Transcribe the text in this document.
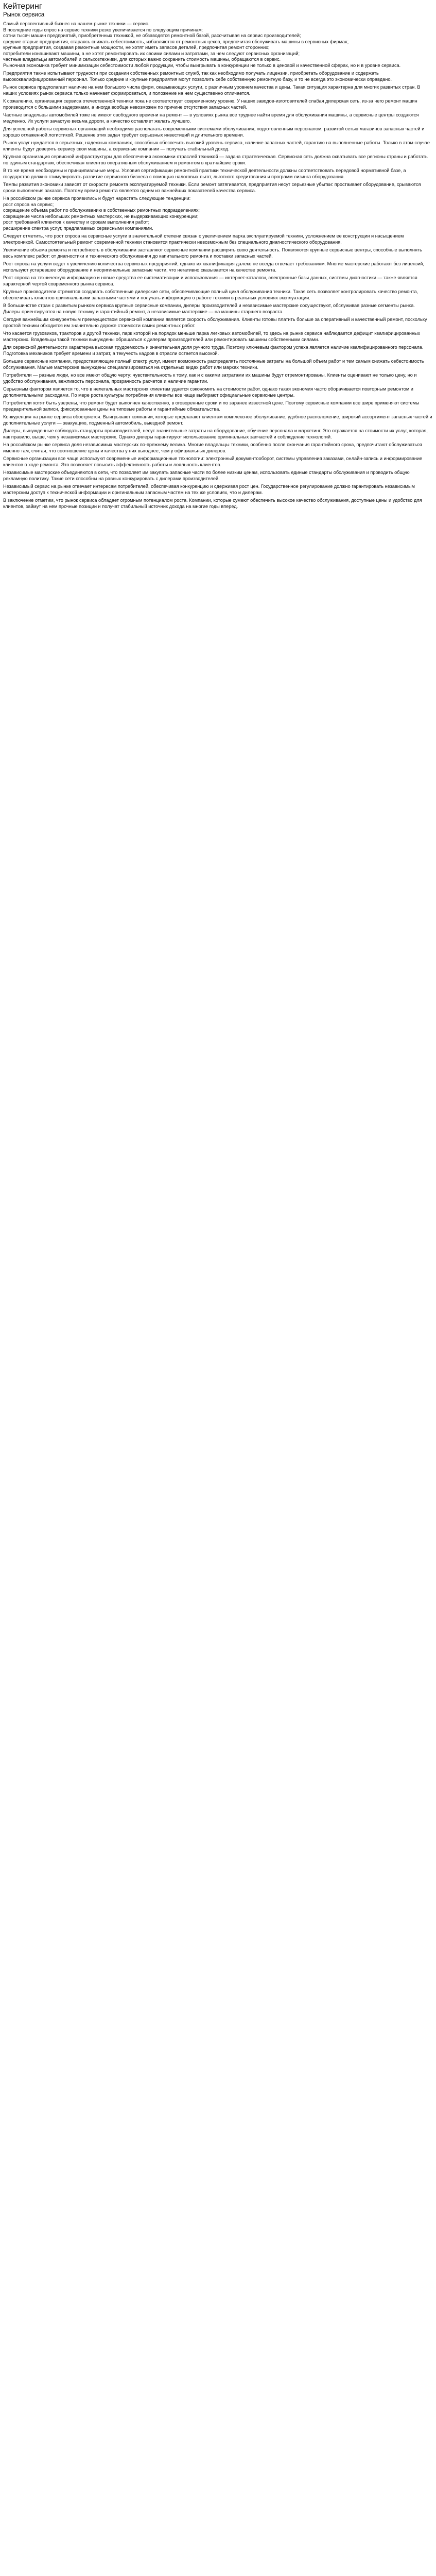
Кейтеринг
Рынок сервиса

Самый перспективный бизнес на нашем рынке техники — сервис.
В последние годы спрос на сервис техники резко увеличивается по следующим причинам:
сотни тысяч машин предприятий, приобретенных техникой, не обзаводятся ремонтной базой, рассчитывая на сервис производителей;
средние старые предприятия, стараясь снижать себестоимость, избавляются от ремонтных цехов, предпочитая обслуживать машины в сервисных фирмах;
крупные предприятия, создавая ремонтные мощности, не хотят иметь запасов деталей, предпочитая ремонт сторонних;
потребители изнашивают машины, а не хотят ремонтировать их своими силами и затратами, за чем следуют сервисных организаций;
частные владельцы автомобилей и сельхозтехники, для которых важно сохранить стоимость машины, обращаются в сервис.
Рыночная экономика требует минимизации себестоимости любой продукции, чтобы выигрывать в конкуренции не только в ценовой и качественной сферах, но и в уровне сервиса.

Предприятия также испытывают трудности при создании собственных ремонтных служб, так как необходимо получать лицензии, приобретать оборудование и содержать высококвалифицированный персонал. Только средние и крупные предприятия могут позволить себе собственную ремонтную базу, и то не всегда это экономически оправдано.

Рынок сервиса предполагает наличие на нем большого числа фирм, оказывающих услуги, с различным уровнем качества и цены. Такая ситуация характерна для многих развитых стран. В наших условиях рынок сервиса только начинает формироваться, и положение на нем существенно отличается.

К сожалению, организация сервиса отечественной техники пока не соответствует современному уровню. У наших заводов-изготовителей слабая дилерская сеть, из-за чего ремонт машин производится с большими задержками, а иногда вообще невозможен по причине отсутствия запасных частей.

Частные владельцы автомобилей тоже не имеют свободного времени на ремонт — в условиях рынка все труднее найти время для обслуживания машины, а сервисные центры создаются медленно. Их услуги зачастую весьма дороги, а качество оставляет желать лучшего.

Для успешной работы сервисных организаций необходимо располагать современными системами обслуживания, подготовленным персоналом, развитой сетью магазинов запасных частей и хорошо отлаженной логистикой. Решение этих задач требует серьезных инвестиций и длительного времени.

Рынок услуг нуждается в серьезных, надежных компаниях, способных обеспечить высокий уровень сервиса, наличие запасных частей, гарантию на выполненные работы. Только в этом случае клиенты будут доверять сервису свои машины, а сервисные компании — получать стабильный доход.

Крупная организация сервисной инфраструктуры для обеспечения экономики отраслей техникой — задача стратегическая. Сервисная сеть должна охватывать все регионы страны и работать по единым стандартам, обеспечивая клиентов оперативным обслуживанием и ремонтом в кратчайшие сроки.

В то же время необходимы и принципиальные меры. Условия сертификации ремонтной практики технической деятельности должны соответствовать передовой нормативной базе, а государство должно стимулировать развитие сервисного бизнеса с помощью налоговых льгот, льготного кредитования и программ лизинга оборудования.

Темпы развития экономики зависят от скорости ремонта эксплуатируемой техники. Если ремонт затягивается, предприятия несут серьезные убытки: простаивает оборудование, срываются сроки выполнения заказов. Поэтому время ремонта является одним из важнейших показателей качества сервиса.

На российском рынке сервиса проявились и будут нарастать следующие тенденции:
рост спроса на сервис;
сокращение объема работ по обслуживанию в собственных ремонтных подразделениях;
сокращение числа небольших ремонтных мастерских, не выдерживающих конкуренции;
рост требований клиентов к качеству и срокам выполнения работ;
расширение спектра услуг, предлагаемых сервисными компаниями.

Следует отметить, что рост спроса на сервисные услуги в значительной степени связан с увеличением парка эксплуатируемой техники, усложнением ее конструкции и насыщением электроникой. Самостоятельный ремонт современной техники становится практически невозможным без специального диагностического оборудования.

Увеличение объема ремонта и потребность в обслуживании заставляют сервисные компании расширять свою деятельность. Появляются крупные сервисные центры, способные выполнять весь комплекс работ: от диагностики и технического обслуживания до капитального ремонта и поставки запасных частей.

Рост спроса на услуги ведет к увеличению количества сервисных предприятий, однако их квалификация далеко не всегда отвечает требованиям. Многие мастерские работают без лицензий, используют устаревшее оборудование и неоригинальные запасные части, что негативно сказывается на качестве ремонта.

Рост спроса на техническую информацию и новые средства ее систематизации и использования — интернет-каталоги, электронные базы данных, системы диагностики — также является характерной чертой современного рынка сервиса.

Крупные производители стремятся создавать собственные дилерские сети, обеспечивающие полный цикл обслуживания техники. Такая сеть позволяет контролировать качество ремонта, обеспечивать клиентов оригинальными запасными частями и получать информацию о работе техники в реальных условиях эксплуатации.

В большинстве стран с развитым рынком сервиса крупные сервисные компании, дилеры производителей и независимые мастерские сосуществуют, обслуживая разные сегменты рынка. Дилеры ориентируются на новую технику и гарантийный ремонт, а независимые мастерские — на машины старшего возраста.

Сегодня важнейшим конкурентным преимуществом сервисной компании является скорость обслуживания. Клиенты готовы платить больше за оперативный и качественный ремонт, поскольку простой техники обходится им значительно дороже стоимости самих ремонтных работ.

Что касается грузовиков, тракторов и другой техники, парк которой на порядок меньше парка легковых автомобилей, то здесь на рынке сервиса наблюдается дефицит квалифицированных мастерских. Владельцы такой техники вынуждены обращаться к дилерам производителей или ремонтировать машины собственными силами.

Для сервисной деятельности характерна высокая трудоемкость и значительная доля ручного труда. Поэтому ключевым фактором успеха является наличие квалифицированного персонала. Подготовка механиков требует времени и затрат, а текучесть кадров в отрасли остается высокой.

Большие сервисные компании, предоставляющие полный спектр услуг, имеют возможность распределять постоянные затраты на большой объем работ и тем самым снижать себестоимость обслуживания. Малые мастерские вынуждены специализироваться на отдельных видах работ или марках техники.

Потребители — разные люди, но все имеют общую черту: чувствительность к тому, как и с какими затратами их машины будут отремонтированы. Клиенты оценивают не только цену, но и удобство обслуживания, вежливость персонала, прозрачность расчетов и наличие гарантии.

Серьезным фактором является то, что в нелегальных мастерских клиентам удается сэкономить на стоимости работ, однако такая экономия часто оборачивается повторным ремонтом и дополнительными расходами. По мере роста культуры потребления клиенты все чаще выбирают официальные сервисные центры.

Потребители хотят быть уверены, что ремонт будет выполнен качественно, в оговоренные сроки и по заранее известной цене. Поэтому сервисные компании все шире применяют системы предварительной записи, фиксированные цены на типовые работы и гарантийные обязательства.

Конкуренция на рынке сервиса обостряется. Выигрывают компании, которые предлагают клиентам комплексное обслуживание, удобное расположение, широкий ассортимент запасных частей и дополнительные услуги — эвакуацию, подменный автомобиль, выездной ремонт.

Дилеры, вынужденные соблюдать стандарты производителей, несут значительные затраты на оборудование, обучение персонала и маркетинг. Это отражается на стоимости их услуг, которая, как правило, выше, чем у независимых мастерских. Однако дилеры гарантируют использование оригинальных запчастей и соблюдение технологий.

На российском рынке сервиса доля независимых мастерских по-прежнему велика. Многие владельцы техники, особенно после окончания гарантийного срока, предпочитают обслуживаться именно там, считая, что соотношение цены и качества у них выгоднее, чем у официальных дилеров.

Сервисные организации все чаще используют современные информационные технологии: электронный документооборот, системы управления заказами, онлайн-запись и информирование клиентов о ходе ремонта. Это позволяет повысить эффективность работы и лояльность клиентов.

Независимые мастерские объединяются в сети, что позволяет им закупать запасные части по более низким ценам, использовать единые стандарты обслуживания и проводить общую рекламную политику. Такие сети способны на равных конкурировать с дилерами производителей.

Независимый сервис на рынке отвечает интересам потребителей, обеспечивая конкуренцию и сдерживая рост цен. Государственное регулирование должно гарантировать независимым мастерским доступ к технической информации и оригинальным запасным частям на тех же условиях, что и дилерам.

В заключение отметим, что рынок сервиса обладает огромным потенциалом роста. Компании, которые сумеют обеспечить высокое качество обслуживания, доступные цены и удобство для клиентов, займут на нем прочные позиции и получат стабильный источник дохода на многие годы вперед.
